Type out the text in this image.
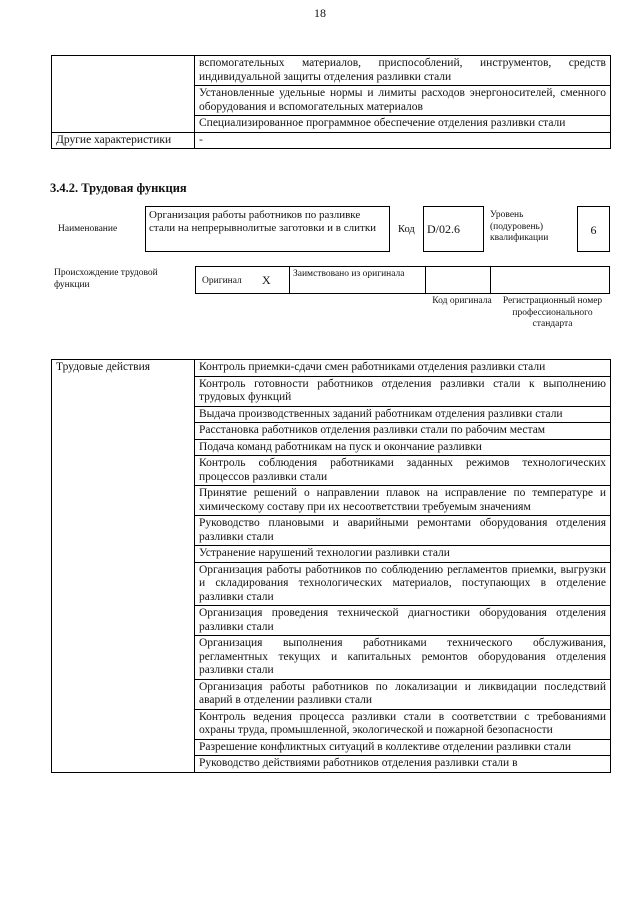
18
	вспомогательных материалов, приспособлений, инструментов, средств индивидуальной защиты отделения разливки стали
	Установленные удельные нормы и лимиты расходов энергоносителей, сменного оборудования и вспомогательных материалов
	Специализированное программное обеспечение отделения разливки стали
Другие характеристики	-
3.4.2. Трудовая функция
Наименование
Организация работы работников по разливке стали на непрерывнолитые заготовки и в слитки	Код D/02.6
Уровень (подуровень) квалификации
6
Происхождение трудовой функции	Оригинал X	Заимствовано из оригинала
Код оригинала	Регистрационный номер профессионального стандарта
Трудовые действия	Контроль приемки-сдачи смен работниками отделения разливки стали
Контроль готовности работников отделения разливки стали к выполнению трудовых функций
Выдача производственных заданий работникам отделения разливки стали
Расстановка работников отделения разливки стали по рабочим местам
Подача команд работникам на пуск и окончание разливки
Контроль соблюдения работниками заданных режимов технологических процессов разливки стали
Принятие решений о направлении плавок на исправление по температуре и химическому составу при их несоответствии требуемым значениям
Руководство плановыми и аварийными ремонтами оборудования отделения разливки стали
Устранение нарушений технологии разливки стали
Организация работы работников по соблюдению регламентов приемки, выгрузки и складирования технологических материалов, поступающих в отделение разливки стали
Организация проведения технической диагностики оборудования отделения разливки стали
Организация выполнения работниками технического обслуживания, регламентных текущих и капитальных ремонтов оборудования отделения разливки стали
Организация работы работников по локализации и ликвидации последствий аварий в отделении разливки стали
Контроль ведения процесса разливки стали в соответствии с требованиями охраны труда, промышленной, экологической и пожарной безопасности
Разрешение конфликтных ситуаций в коллективе отделении разливки стали
Руководство действиями работников отделения разливки стали в
